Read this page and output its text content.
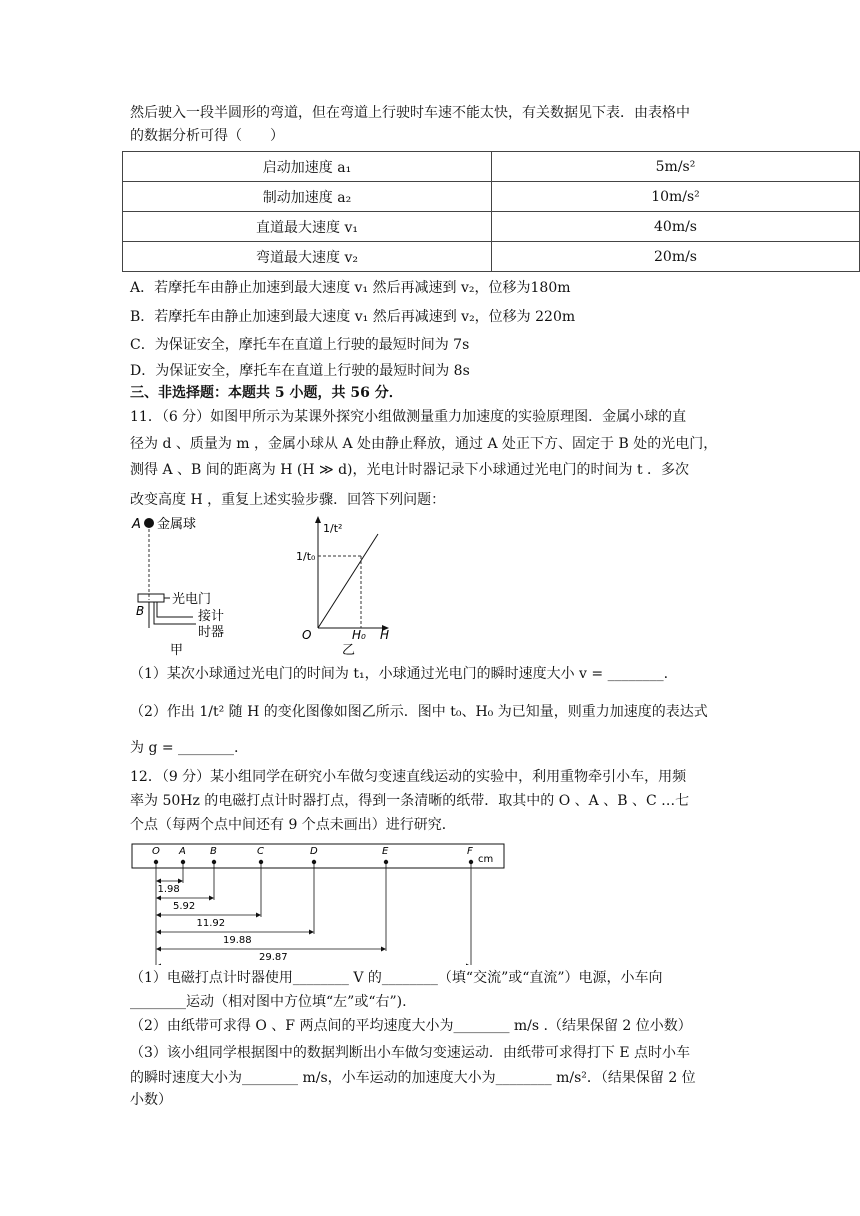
然后驶入一段半圆形的弯道，但在弯道上行驶时车速不能太快，有关数据见下表．由表格中
的数据分析可得（　　）
启动加速度 a₁	5m/s²
制动加速度 a₂	10m/s²
直道最大速度 v₁	40m/s
弯道最大速度 v₂	20m/s
A．若摩托车由静止加速到最大速度 v₁ 然后再减速到 v₂，位移为180m
B．若摩托车由静止加速到最大速度 v₁ 然后再减速到 v₂，位移为 220m
C．为保证安全，摩托车在直道上行驶的最短时间为 7s
D．为保证安全，摩托车在直道上行驶的最短时间为 8s
三、非选择题：本题共 5 小题，共 56 分．
11．（6 分）如图甲所示为某课外探究小组做测量重力加速度的实验原理图．金属小球的直
径为 d 、质量为 m ，金属小球从 A 处由静止释放，通过 A 处正下方、固定于 B 处的光电门，
测得 A 、B 间的距离为 H (H ≫ d)，光电计时器记录下小球通过光电门的时间为 t ．多次
改变高度 H ，重复上述实验步骤．回答下列问题：
A 金属球
光电门
B	接计
时器
甲
1/t²
1/t₀
O	H₀ H
乙
（1）某次小球通过光电门的时间为 t₁，小球通过光电门的瞬时速度大小 v = ________.
（2）作出 1/t² 随 H 的变化图像如图乙所示．图中 t₀、H₀ 为已知量，则重力加速度的表达式
为 g = ________.
12．（9 分）某小组同学在研究小车做匀变速直线运动的实验中，利用重物牵引小车，用频
率为 50Hz 的电磁打点计时器打点，得到一条清晰的纸带．取其中的 O 、A 、B 、C …七
个点（每两个点中间还有 9 个点未画出）进行研究．
cm
O A
1.98
B
5.92
C
11.92
D
19.88
E
29.87
F
（1）电磁打点计时器使用________ V 的________（填“交流”或“直流”）电源，小车向
________运动（相对图中方位填“左”或“右”).
（2）由纸带可求得 O 、F 两点间的平均速度大小为________ m/s .（结果保留 2 位小数）
（3）该小组同学根据图中的数据判断出小车做匀变速运动．由纸带可求得打下 E 点时小车
的瞬时速度大小为________ m/s，小车运动的加速度大小为________ m/s²．（结果保留 2 位
小数）
